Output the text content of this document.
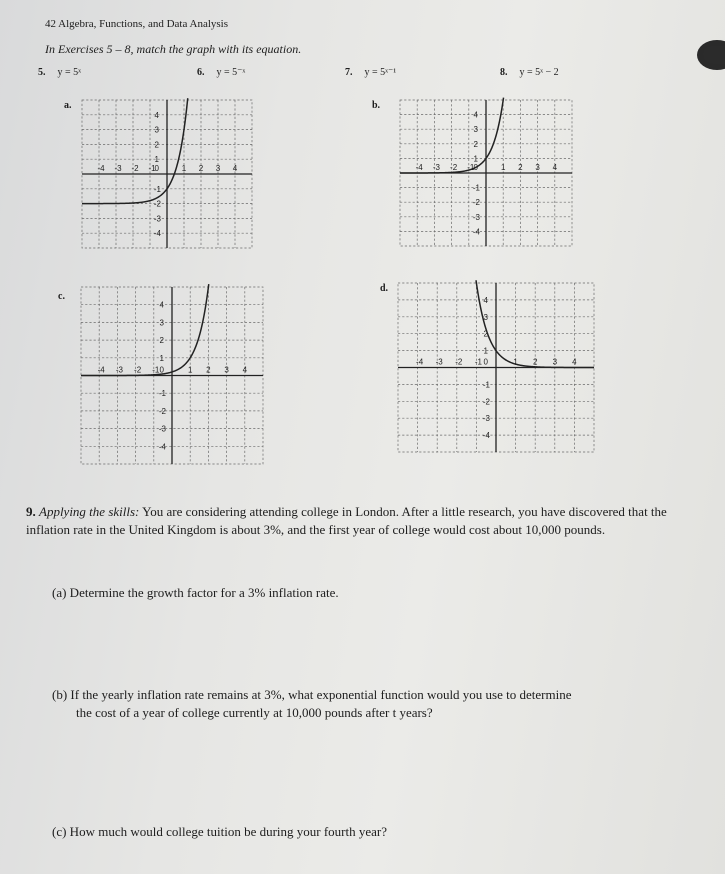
42 Algebra, Functions, and Data Analysis
In Exercises 5 – 8, match the graph with its equation.
5. y = 5ˣ	6. y = 5⁻ˣ	7. y = 5ˣ⁻¹	8. y = 5ˣ − 2
a.	b.
c.
d.
-4 -3 -2 -1	1 2 3 4
1
2
3
4
-1
-2
-3
-4
0	-4 -3 -2 -1	1 2 3 4
1
2
3
4
-1
-2
-3
-4
0
-4 -3 -2 -1	1 2 3 4
1
2
3
4
-1
-2
-3
-4
0
-4 -3 -2 -1	1 2 3 4
1
2
3
4
-1
-2
-3
-4
0
9. Applying the skills: You are considering attending college in London. After a little research, you have discovered that the inflation rate in the United Kingdom is about 3%, and the first year of college would cost about 10,000 pounds.
(a) Determine the growth factor for a 3% inflation rate.
(b) If the yearly inflation rate remains at 3%, what exponential function would you use to determine
the cost of a year of college currently at 10,000 pounds after t years?
(c) How much would college tuition be during your fourth year?
